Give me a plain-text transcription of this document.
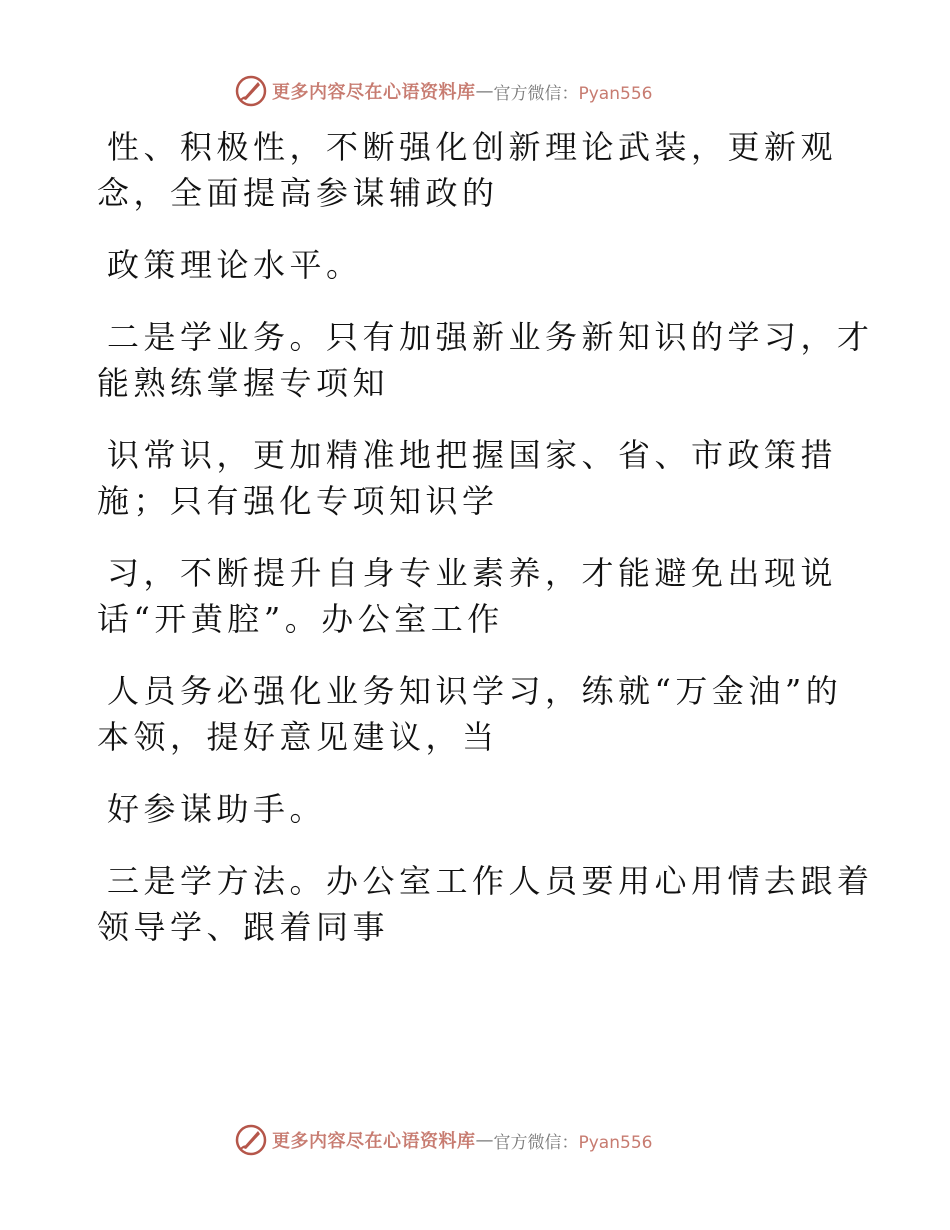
更多内容尽在心语资料库 — 官方微信：Pyan556

性、积极性，不断强化创新理论武装，更新观
念，全面提高参谋辅政的

政策理论水平。

二是学业务。只有加强新业务新知识的学习，才
能熟练掌握专项知

识常识，更加精准地把握国家、省、市政策措
施；只有强化专项知识学

习，不断提升自身专业素养，才能避免出现说
话“开黄腔”。办公室工作

人员务必强化业务知识学习，练就“万金油”的
本领，提好意见建议，当

好参谋助手。

三是学方法。办公室工作人员要用心用情去跟着
领导学、跟着同事

更多内容尽在心语资料库 — 官方微信：Pyan556
